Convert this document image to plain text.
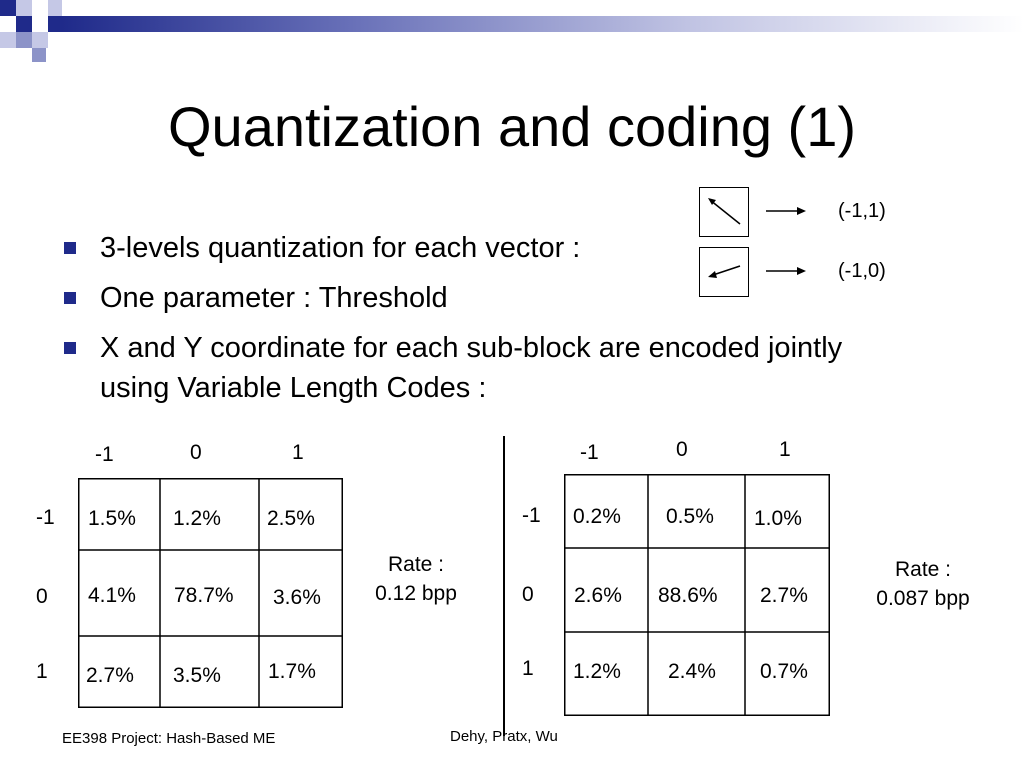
Quantization and coding (1)
3-levels quantization for each vector :
One parameter : Threshold
X and Y coordinate for each sub-block are encoded jointly using Variable Length Codes :
(-1,1)
(-1,0)
-1	0	1
-1
0
1
1.5% 1.2% 2.5%
4.1% 78.7% 3.6%
2.7% 3.5% 1.7%
Rate :
0.12 bpp
-1	0	1
-1
0
1
0.2% 0.5% 1.0%
2.6% 88.6% 2.7%
1.2% 2.4% 0.7%
Rate :
0.087 bpp
EE398 Project: Hash-Based ME	Dehy, Pratx, Wu
